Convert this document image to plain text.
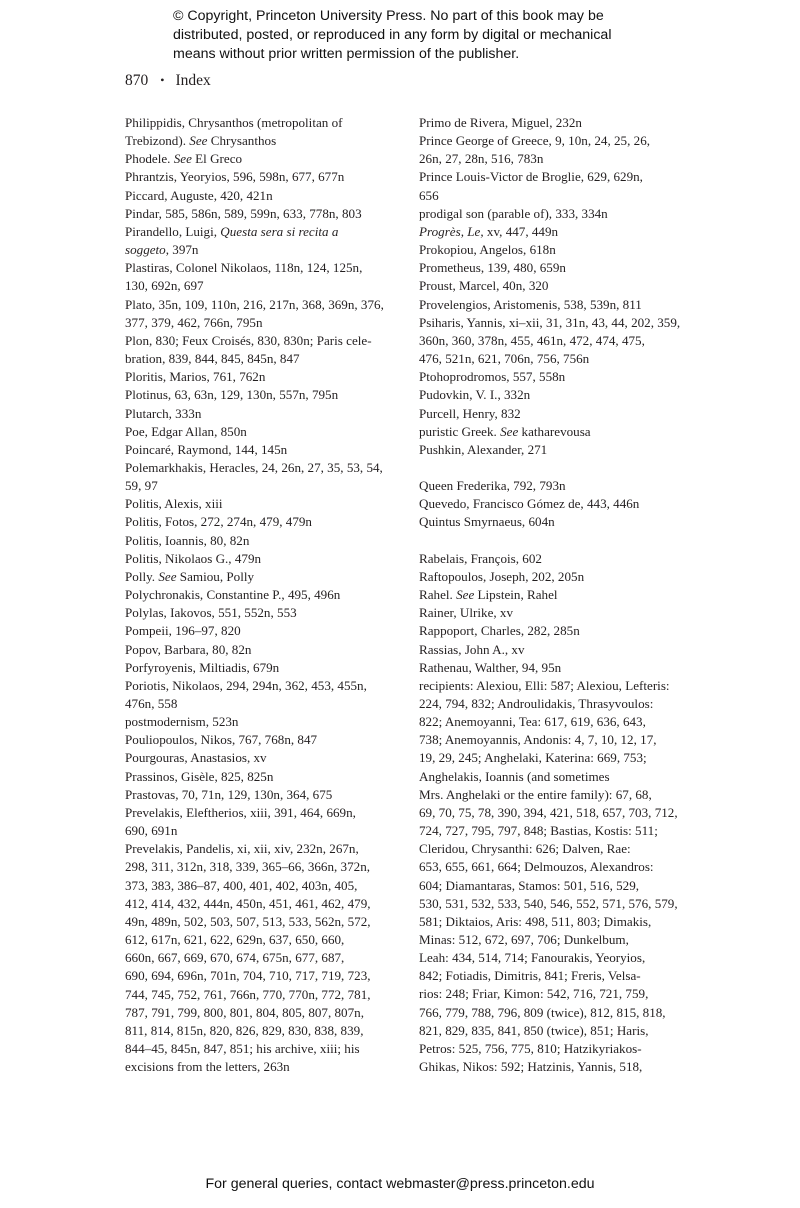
© Copyright, Princeton University Press. No part of this book may be
distributed, posted, or reproduced in any form by digital or mechanical
means without prior written permission of the publisher.
870 • Index
Philippidis, Chrysanthos (metropolitan of
Trebizond). See Chrysanthos
Phodele. See El Greco
Phrantzis, Yeoryios, 596, 598n, 677, 677n
Piccard, Auguste, 420, 421n
Pindar, 585, 586n, 589, 599n, 633, 778n, 803
Pirandello, Luigi, Questa sera si recita a
soggeto, 397n
Plastiras, Colonel Nikolaos, 118n, 124, 125n,
130, 692n, 697
Plato, 35n, 109, 110n, 216, 217n, 368, 369n, 376,
377, 379, 462, 766n, 795n
Plon, 830; Feux Croisés, 830, 830n; Paris cele-
bration, 839, 844, 845, 845n, 847
Ploritis, Marios, 761, 762n
Plotinus, 63, 63n, 129, 130n, 557n, 795n
Plutarch, 333n
Poe, Edgar Allan, 850n
Poincaré, Raymond, 144, 145n
Polemarkhakis, Heracles, 24, 26n, 27, 35, 53, 54,
59, 97
Politis, Alexis, xiii
Politis, Fotos, 272, 274n, 479, 479n
Politis, Ioannis, 80, 82n
Politis, Nikolaos G., 479n
Polly. See Samiou, Polly
Polychronakis, Constantine P., 495, 496n
Polylas, Iakovos, 551, 552n, 553
Pompeii, 196–97, 820
Popov, Barbara, 80, 82n
Porfyroyenis, Miltiadis, 679n
Poriotis, Nikolaos, 294, 294n, 362, 453, 455n,
476n, 558
postmodernism, 523n
Pouliopoulos, Nikos, 767, 768n, 847
Pourgouras, Anastasios, xv
Prassinos, Gisèle, 825, 825n
Prastovas, 70, 71n, 129, 130n, 364, 675
Prevelakis, Eleftherios, xiii, 391, 464, 669n,
690, 691n
Prevelakis, Pandelis, xi, xii, xiv, 232n, 267n,
298, 311, 312n, 318, 339, 365–66, 366n, 372n,
373, 383, 386–87, 400, 401, 402, 403n, 405,
412, 414, 432, 444n, 450n, 451, 461, 462, 479,
49n, 489n, 502, 503, 507, 513, 533, 562n, 572,
612, 617n, 621, 622, 629n, 637, 650, 660,
660n, 667, 669, 670, 674, 675n, 677, 687,
690, 694, 696n, 701n, 704, 710, 717, 719, 723,
744, 745, 752, 761, 766n, 770, 770n, 772, 781,
787, 791, 799, 800, 801, 804, 805, 807, 807n,
811, 814, 815n, 820, 826, 829, 830, 838, 839,
844–45, 845n, 847, 851; his archive, xiii; his
excisions from the letters, 263n
Primo de Rivera, Miguel, 232n
Prince George of Greece, 9, 10n, 24, 25, 26,
26n, 27, 28n, 516, 783n
Prince Louis-Victor de Broglie, 629, 629n,
656
prodigal son (parable of), 333, 334n
Progrès, Le, xv, 447, 449n
Prokopiou, Angelos, 618n
Prometheus, 139, 480, 659n
Proust, Marcel, 40n, 320
Provelengios, Aristomenis, 538, 539n, 811
Psiharis, Yannis, xi–xii, 31, 31n, 43, 44, 202, 359,
360n, 360, 378n, 455, 461n, 472, 474, 475,
476, 521n, 621, 706n, 756, 756n
Ptohoprodromos, 557, 558n
Pudovkin, V. I., 332n
Purcell, Henry, 832
puristic Greek. See katharevousa
Pushkin, Alexander, 271
Queen Frederika, 792, 793n
Quevedo, Francisco Gómez de, 443, 446n
Quintus Smyrnaeus, 604n
Rabelais, François, 602
Raftopoulos, Joseph, 202, 205n
Rahel. See Lipstein, Rahel
Rainer, Ulrike, xv
Rappoport, Charles, 282, 285n
Rassias, John A., xv
Rathenau, Walther, 94, 95n
recipients: Alexiou, Elli: 587; Alexiou, Lefteris:
224, 794, 832; Androulidakis, Thrasyvoulos:
822; Anemoyanni, Tea: 617, 619, 636, 643,
738; Anemoyannis, Andonis: 4, 7, 10, 12, 17,
19, 29, 245; Anghelaki, Katerina: 669, 753;
Anghelakis, Ioannis (and sometimes
Mrs. Anghelaki or the entire family): 67, 68,
69, 70, 75, 78, 390, 394, 421, 518, 657, 703, 712,
724, 727, 795, 797, 848; Bastias, Kostis: 511;
Cleridou, Chrysanthi: 626; Dalven, Rae:
653, 655, 661, 664; Delmouzos, Alexandros:
604; Diamantaras, Stamos: 501, 516, 529,
530, 531, 532, 533, 540, 546, 552, 571, 576, 579,
581; Diktaios, Aris: 498, 511, 803; Dimakis,
Minas: 512, 672, 697, 706; Dunkelbum,
Leah: 434, 514, 714; Fanourakis, Yeoryios,
842; Fotiadis, Dimitris, 841; Freris, Velsa-
rios: 248; Friar, Kimon: 542, 716, 721, 759,
766, 779, 788, 796, 809 (twice), 812, 815, 818,
821, 829, 835, 841, 850 (twice), 851; Haris,
Petros: 525, 756, 775, 810; Hatzikyriakos-
Ghikas, Nikos: 592; Hatzinis, Yannis, 518,
For general queries, contact webmaster@press.princeton.edu
